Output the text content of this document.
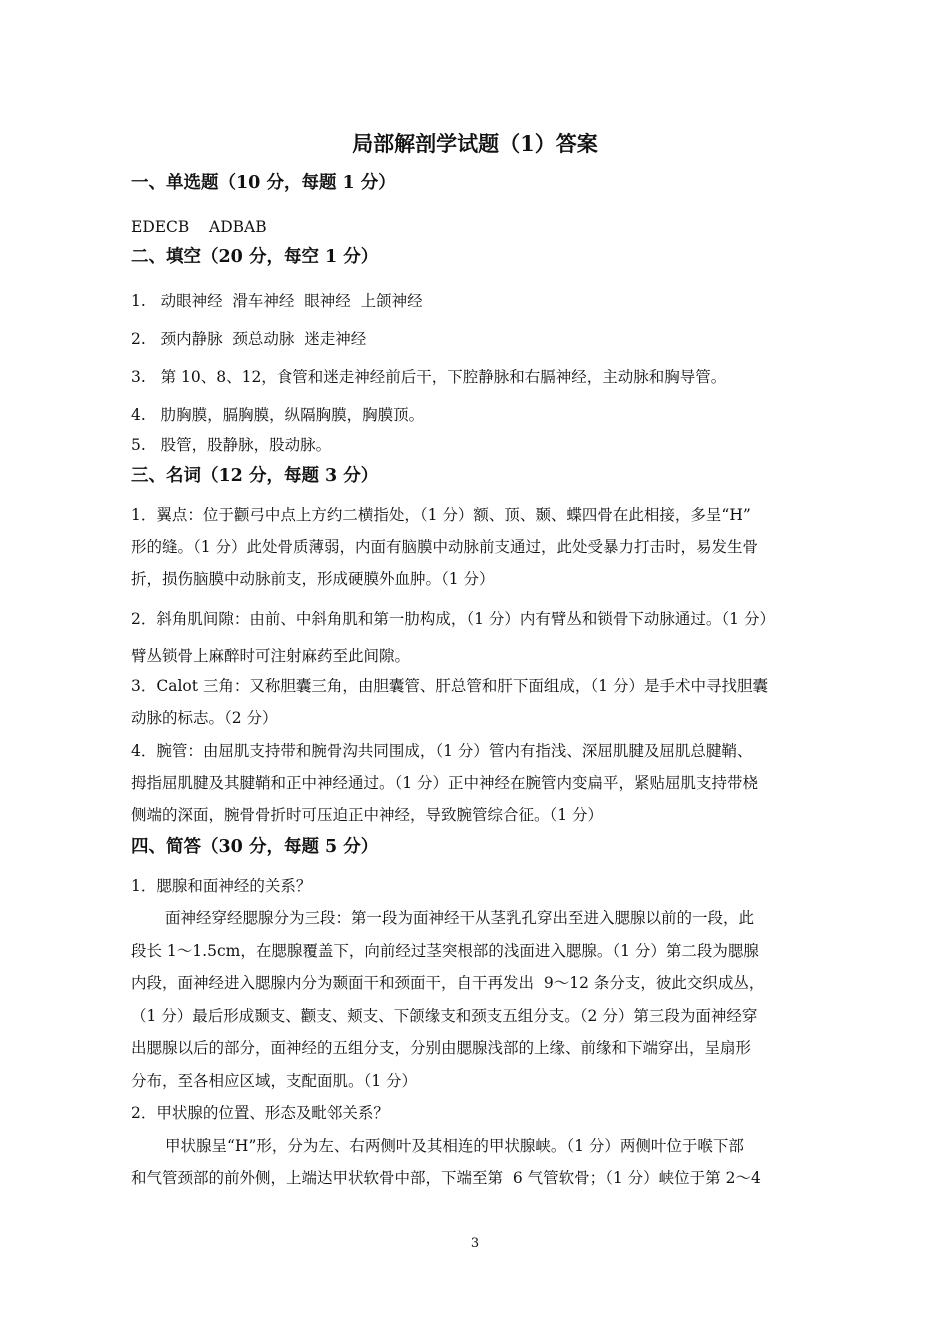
局部解剖学试题（1）答案
一、单选题（10 分，每题 1 分）
EDECB    ADBAB
二、填空（20 分，每空 1 分）
1.   动眼神经  滑车神经  眼神经  上颌神经
2.   颈内静脉  颈总动脉  迷走神经
3.   第 10、8、12，食管和迷走神经前后干，下腔静脉和右膈神经，主动脉和胸导管。
4.   肋胸膜，膈胸膜，纵隔胸膜，胸膜顶。
5.   股管，股静脉，股动脉。
三、名词（12 分，每题 3 分）
1．翼点：位于颧弓中点上方约二横指处，（1 分）额、顶、颞、蝶四骨在此相接，多呈“H”
形的缝。（1 分）此处骨质薄弱，内面有脑膜中动脉前支通过，此处受暴力打击时，易发生骨
折，损伤脑膜中动脉前支，形成硬膜外血肿。（1 分）
2．斜角肌间隙：由前、中斜角肌和第一肋构成，（1 分）内有臂丛和锁骨下动脉通过。（1 分）
臂丛锁骨上麻醉时可注射麻药至此间隙。
3．Calot 三角：又称胆囊三角，由胆囊管、肝总管和肝下面组成，（1 分）是手术中寻找胆囊
动脉的标志。（2 分）
4．腕管：由屈肌支持带和腕骨沟共同围成，（1 分）管内有指浅、深屈肌腱及屈肌总腱鞘、
拇指屈肌腱及其腱鞘和正中神经通过。（1 分）正中神经在腕管内变扁平，紧贴屈肌支持带桡
侧端的深面，腕骨骨折时可压迫正中神经，导致腕管综合征。（1 分）
四、简答（30 分，每题 5 分）
1．腮腺和面神经的关系？
面神经穿经腮腺分为三段：第一段为面神经干从茎乳孔穿出至进入腮腺以前的一段，此
段长 1～1.5cm，在腮腺覆盖下，向前经过茎突根部的浅面进入腮腺。（1 分）第二段为腮腺
内段，面神经进入腮腺内分为颞面干和颈面干，自干再发出  9～12 条分支，彼此交织成丛，
（1 分）最后形成颞支、颧支、颊支、下颌缘支和颈支五组分支。（2 分）第三段为面神经穿
出腮腺以后的部分，面神经的五组分支，分别由腮腺浅部的上缘、前缘和下端穿出，呈扇形
分布，至各相应区域，支配面肌。（1 分）
2．甲状腺的位置、形态及毗邻关系？
甲状腺呈“H”形，分为左、右两侧叶及其相连的甲状腺峡。（1 分）两侧叶位于喉下部
和气管颈部的前外侧，上端达甲状软骨中部，下端至第  6 气管软骨；（1 分）峡位于第 2～4
3
